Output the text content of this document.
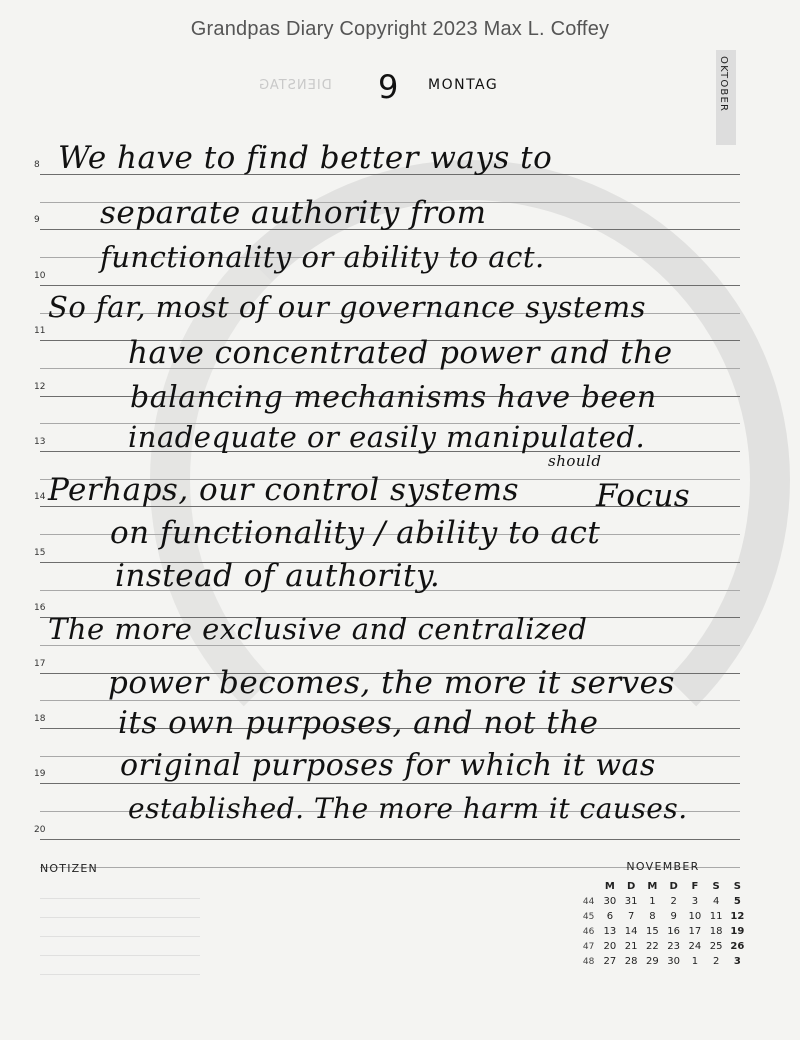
Grandpas Diary Copyright 2023 Max L. Coffey
DIENSTAG 9 MONTAG	OKTOBER
8
9
10
11
12
13
14
15
16
17
18
19
20
We have to find better ways to
separate authority from
functionality or ability to act.
So far, most of our governance systems
have concentrated power and the
balancing mechanisms have been
inadequate or easily manipulated.
should
Perhaps, our control systems Focus
on functionality / ability to act
instead of authority.
The more exclusive and centralized
power becomes, the more it serves
its own purposes, and not the
original purposes for which it was
established. The more harm it causes.
NOTIZEN	NOVEMBER
	M	D	M	D	F	S	S
44	30	31	1	2	3	4	5
45	6	7	8	9	10	11	12
46	13	14	15	16	17	18	19
47	20	21	22	23	24	25	26
48	27	28	29	30	1	2	3
